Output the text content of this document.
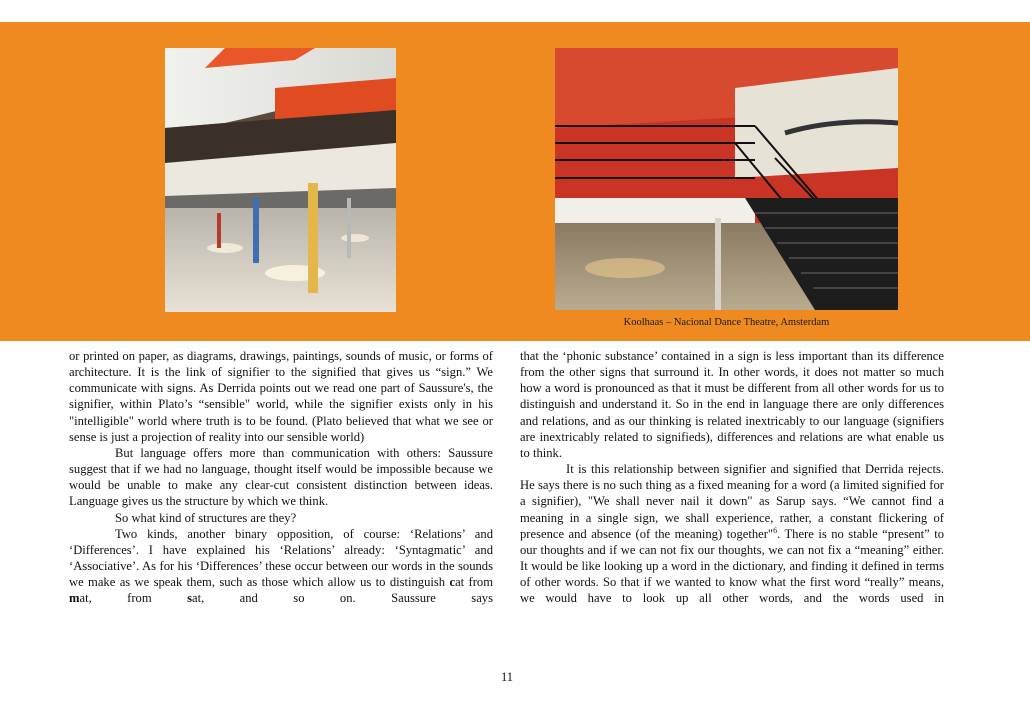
Koolhaas – Nacional Dance Theatre, Amsterdam

or printed on paper, as diagrams, drawings, paintings, sounds of music, or forms of architecture. It is the link of signifier to the signified that gives us “sign.” We communicate with signs. As Derrida points out we read one part of Saussure's, the signifier, within Plato’s “sensible" world, while the signifier exists only in his "intelligible" world where truth is to be found. (Plato believed that what we see or sense is just a projection of reality into our sensible world)

But language offers more than communication with others: Saussure suggest that if we had no language, thought itself would be impossible because we would be unable to make any clear-cut consistent distinction between ideas. Language gives us the structure by which we think.

So what kind of structures are they?

Two kinds, another binary opposition, of course: ‘Relations’ and ‘Differences’. I have explained his ‘Relations’ already: ‘Syntagmatic’ and ‘Associative’. As for his ‘Differences’ these occur between our words in the sounds we make as we speak them, such as those which allow us to distinguish cat from mat, from sat, and so on. Saussure says

that the ‘phonic substance’ contained in a sign is less important than its difference from the other signs that surround it. In other words, it does not matter so much how a word is pronounced as that it must be different from all other words for us to distinguish and understand it. So in the end in language there are only differences and relations, and as our thinking is related inextricably to our language (signifiers are inextricably related to signifieds), differences and relations are what enable us to think.

It is this relationship between signifier and signified that Derrida rejects. He says there is no such thing as a fixed meaning for a word (a limited signified for a signifier), "We shall never nail it down" as Sarup says. “We cannot find a meaning in a single sign, we shall experience, rather, a constant flickering of presence and absence (of the meaning) together"$^6$. There is no stable “present” to our thoughts and if we can not fix our thoughts, we can not fix a “meaning” either. It would be like looking up a word in the dictionary, and finding it defined in terms of other words. So that if we wanted to know what the first word “really” means, we would have to look up all other words, and the words used in

11
